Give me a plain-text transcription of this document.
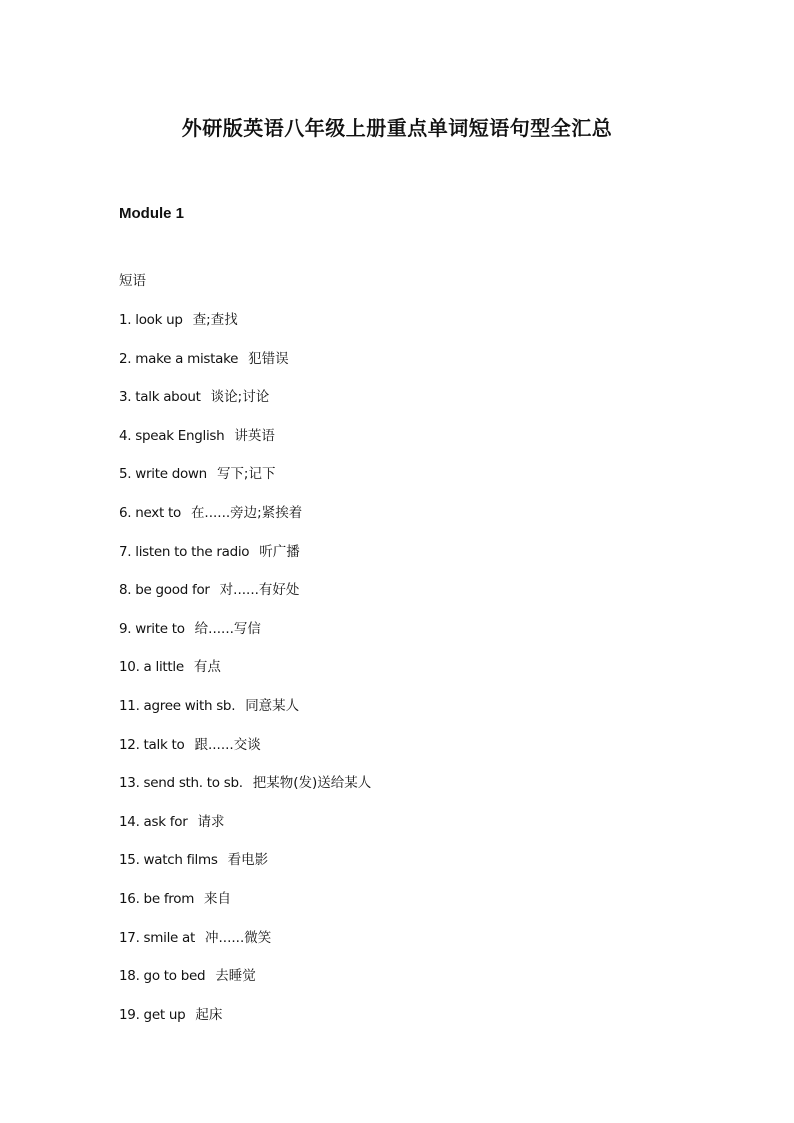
外研版英语八年级上册重点单词短语句型全汇总
Module 1
短语
1. look up 查;查找
2. make a mistake 犯错误
3. talk about 谈论;讨论
4. speak English 讲英语
5. write down 写下;记下
6. next to 在......旁边;紧挨着
7. listen to the radio 听广播
8. be good for 对......有好处
9. write to 给......写信
10. a little 有点
11. agree with sb. 同意某人
12. talk to 跟......交谈
13. send sth. to sb. 把某物(发)送给某人
14. ask for 请求
15. watch films 看电影
16. be from 来自
17. smile at 冲......微笑
18. go to bed 去睡觉
19. get up 起床
